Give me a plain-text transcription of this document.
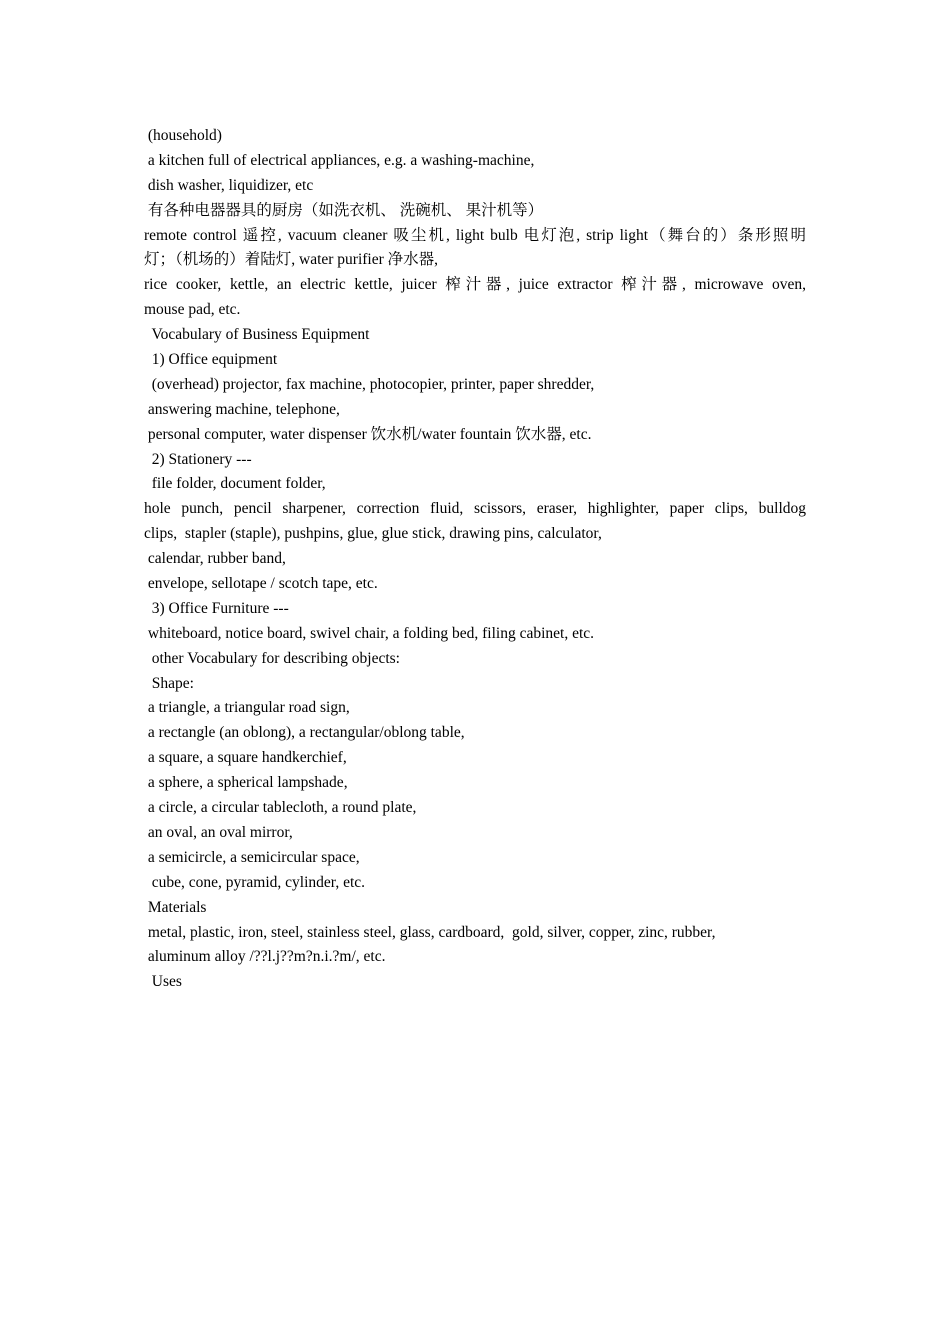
(household)
a kitchen full of electrical appliances, e.g. a washing-machine,
dish washer, liquidizer, etc
有各种电器器具的厨房（如洗衣机、 洗碗机、 果汁机等）
remote control 遥控, vacuum cleaner 吸尘机, light bulb 电灯泡, strip light（舞台的）条形照明
灯；（机场的）着陆灯, water purifier 净水器,
rice cooker, kettle, an electric kettle, juicer 榨汁器, juice extractor 榨汁器, microwave oven,
mouse pad, etc.
Vocabulary of Business Equipment
1) Office equipment
(overhead) projector, fax machine, photocopier, printer, paper shredder,
answering machine, telephone,
personal computer, water dispenser 饮水机/water fountain 饮水器, etc.
2) Stationery ---
file folder, document folder,
hole punch, pencil sharpener, correction fluid, scissors, eraser, highlighter, paper clips, bulldog
clips,  stapler (staple), pushpins, glue, glue stick, drawing pins, calculator,
calendar, rubber band,
envelope, sellotape / scotch tape, etc.
3) Office Furniture ---
whiteboard, notice board, swivel chair, a folding bed, filing cabinet, etc.
other Vocabulary for describing objects:
Shape:
a triangle, a triangular road sign,
a rectangle (an oblong), a rectangular/oblong table,
a square, a square handkerchief,
a sphere, a spherical lampshade,
a circle, a circular tablecloth, a round plate,
an oval, an oval mirror,
a semicircle, a semicircular space,
cube, cone, pyramid, cylinder, etc.
Materials
metal, plastic, iron, steel, stainless steel, glass, cardboard,  gold, silver, copper, zinc, rubber,
aluminum alloy /??l.j??m?n.i.?m/, etc.
Uses
